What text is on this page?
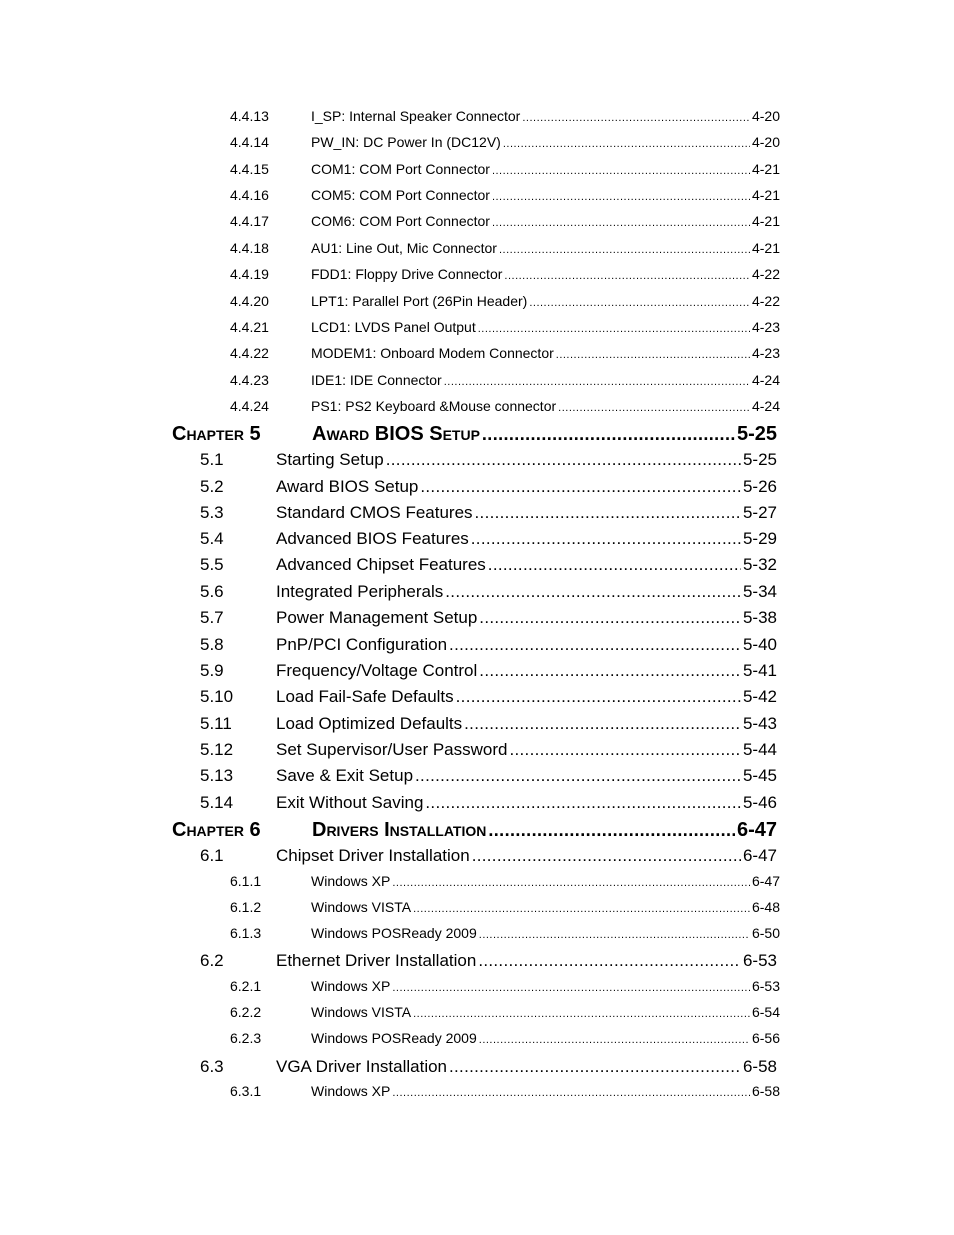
4.4.13	I_SP: Internal Speaker Connector .....	4-20
4.4.14	PW_IN: DC Power In (DC12V) .....	4-20
4.4.15	COM1: COM Port Connector .....	4-21
4.4.16	COM5: COM Port Connector .....	4-21
4.4.17	COM6: COM Port Connector .....	4-21
4.4.18	AU1: Line Out, Mic Connector .....	4-21
4.4.19	FDD1: Floppy Drive Connector .....	4-22
4.4.20	LPT1: Parallel Port (26Pin Header) .....	4-22
4.4.21	LCD1: LVDS Panel Output .....	4-23
4.4.22	MODEM1: Onboard Modem Connector .....	4-23
4.4.23	IDE1: IDE Connector .....	4-24
4.4.24	PS1: PS2 Keyboard &Mouse connector .....	4-24
Chapter 5	Award BIOS Setup .....	5-25
5.1	Starting Setup .....	5-25
5.2	Award BIOS Setup .....	5-26
5.3	Standard CMOS Features .....	5-27
5.4	Advanced BIOS Features .....	5-29
5.5	Advanced Chipset Features .....	5-32
5.6	Integrated Peripherals .....	5-34
5.7	Power Management Setup .....	5-38
5.8	PnP/PCI Configuration .....	5-40
5.9	Frequency/Voltage Control .....	5-41
5.10	Load Fail-Safe Defaults .....	5-42
5.11	Load Optimized Defaults .....	5-43
5.12	Set Supervisor/User Password .....	5-44
5.13	Save & Exit Setup .....	5-45
5.14	Exit Without Saving .....	5-46
Chapter 6	Drivers Installation .....	6-47
6.1	Chipset Driver Installation .....	6-47
6.1.1	Windows XP .....	6-47
6.1.2	Windows VISTA .....	6-48
6.1.3	Windows POSReady 2009 .....	6-50
6.2	Ethernet Driver Installation .....	6-53
6.2.1	Windows XP .....	6-53
6.2.2	Windows VISTA .....	6-54
6.2.3	Windows POSReady 2009 .....	6-56
6.3	VGA Driver Installation .....	6-58
6.3.1	Windows XP .....	6-58
